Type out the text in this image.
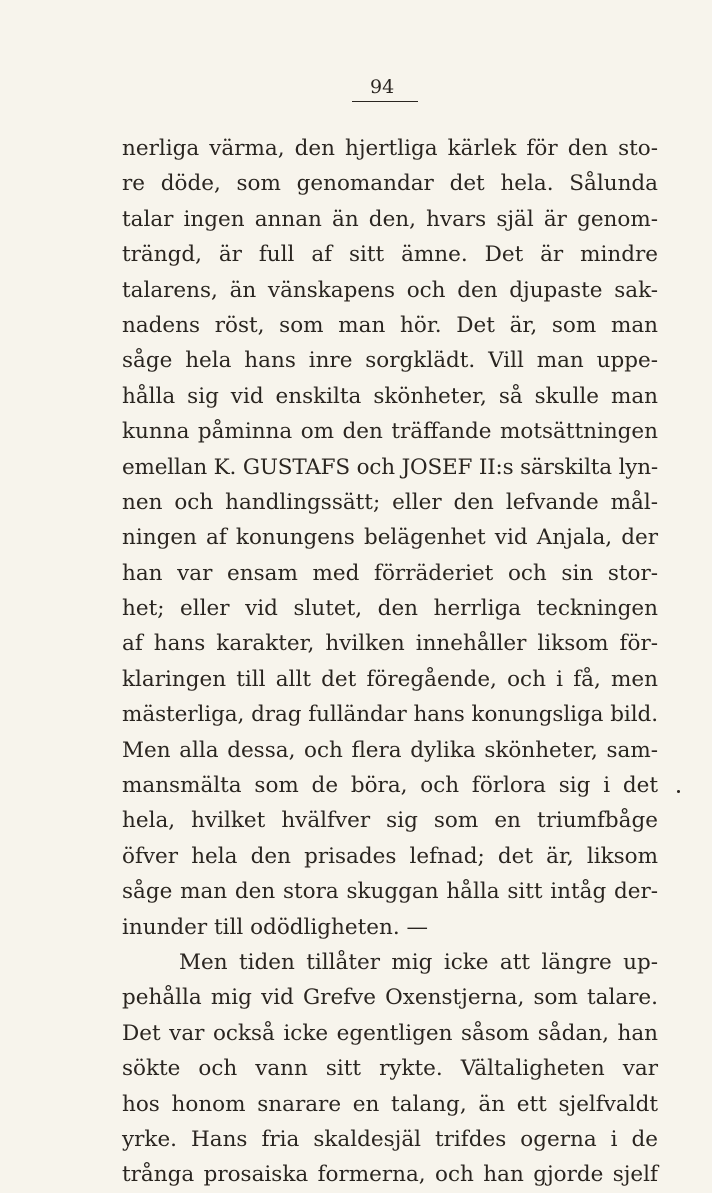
94
nerliga värma, den hjertliga kärlek för den sto-
re döde, som genomandar det hela. Sålunda
talar ingen annan än den, hvars själ är genom-
trängd, är full af sitt ämne. Det är mindre
talarens, än vänskapens och den djupaste sak-
nadens röst, som man hör. Det är, som man
såge hela hans inre sorgklädt. Vill man uppe-
hålla sig vid enskilta skönheter, så skulle man
kunna påminna om den träffande motsättningen
emellan K. GUSTAFS och JOSEF II:s särskilta lyn-
nen och handlingssätt; eller den lefvande mål-
ningen af konungens belägenhet vid Anjala, der
han var ensam med förräderiet och sin stor-
het; eller vid slutet, den herrliga teckningen
af hans karakter, hvilken innehåller liksom för-
klaringen till allt det föregående, och i få, men
mästerliga, drag fulländar hans konungsliga bild.
Men alla dessa, och flera dylika skönheter, sam-
mansmälta som de böra, och förlora sig i det
hela, hvilket hvälfver sig som en triumfbåge
öfver hela den prisades lefnad; det är, liksom
såge man den stora skuggan hålla sitt intåg der-
inunder till odödligheten. —
Men tiden tillåter mig icke att längre up-
pehålla mig vid Grefve Oxenstjerna, som talare.
Det var också icke egentligen såsom sådan, han
sökte och vann sitt rykte. Vältaligheten var
hos honom snarare en talang, än ett sjelfvaldt
yrke. Hans fria skaldesjäl trifdes ogerna i de
trånga prosaiska formerna, och han gjorde sjelf
